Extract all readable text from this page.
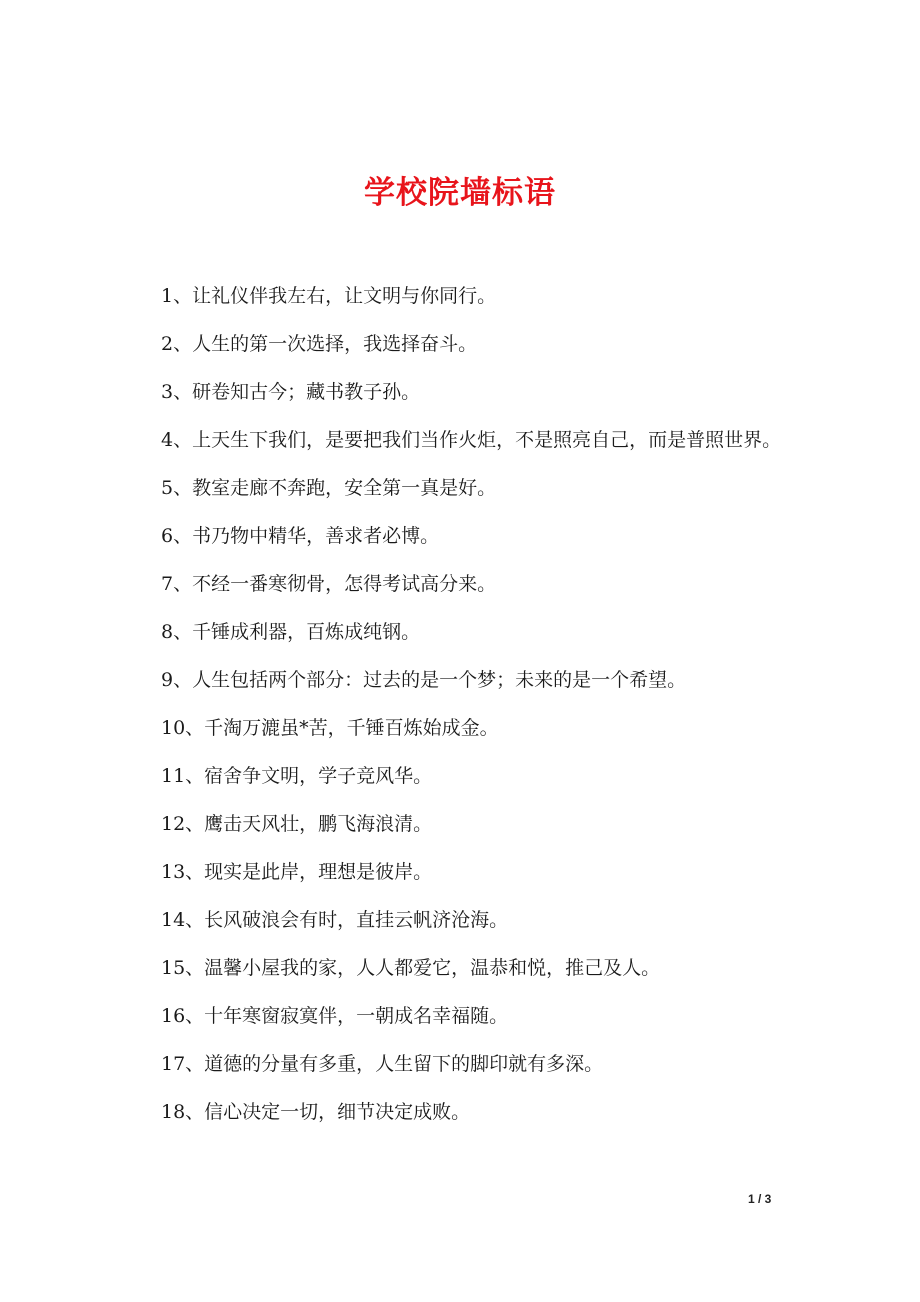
学校院墙标语
1、让礼仪伴我左右，让文明与你同行。
2、人生的第一次选择，我选择奋斗。
3、研卷知古今；藏书教子孙。
4、上天生下我们，是要把我们当作火炬，不是照亮自己，而是普照世界。
5、教室走廊不奔跑，安全第一真是好。
6、书乃物中精华，善求者必博。
7、不经一番寒彻骨，怎得考试高分来。
8、千锤成利器，百炼成纯钢。
9、人生包括两个部分：过去的是一个梦；未来的是一个希望。
10、千淘万漉虽*苦，千锤百炼始成金。
11、宿舍争文明，学子竞风华。
12、鹰击天风壮，鹏飞海浪清。
13、现实是此岸，理想是彼岸。
14、长风破浪会有时，直挂云帆济沧海。
15、温馨小屋我的家，人人都爱它，温恭和悦，推己及人。
16、十年寒窗寂寞伴，一朝成名幸福随。
17、道德的分量有多重，人生留下的脚印就有多深。
18、信心决定一切，细节决定成败。
1 / 3
